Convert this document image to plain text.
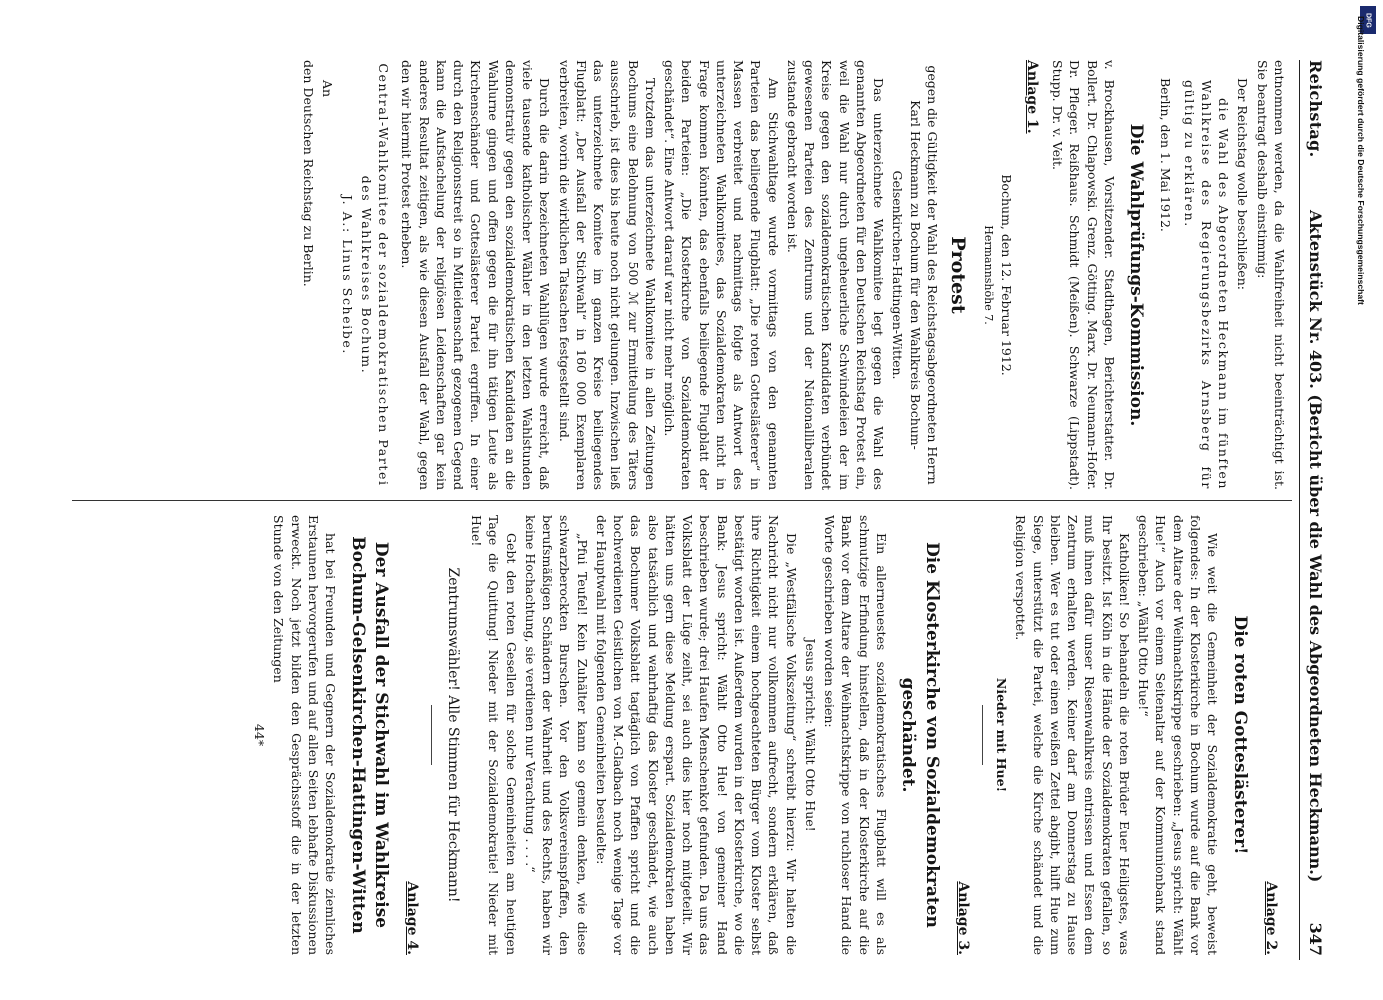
Reichstag.
Aktenstück Nr. 403. (Bericht über die Wahl des Abgeordneten Heckmann.)
347

entnommen werden, da die Wahlfreiheit nicht beeinträchtigt ist. Sie beantragt deshalb einstimmig:

Der Reichstag wolle beschließen:

die Wahl des Abgeordneten Heckmann im fünften Wahlkreise des Regierungsbezirks Arnsberg für gültig zu erklären.

Berlin, den 1. Mai 1912.

Die Wahlprüfungs-Kommission.

v. Brockhausen, Vorsitzender. Stadthagen, Berichterstatter. Dr. Bollert. Dr. Chlapowski. Grenz. Götting. Marx. Dr. Neumann-Hofer. Dr. Pfleger. Reißhaus. Schmidt (Meißen). Schwarze (Lippstadt). Stupp. Dr. v. Veit.

Anlage 1.

Bochum, den 12. Februar 1912.

Hermannshöhe 7.

Protest

gegen die Gültigkeit der Wahl des Reichstagsabgeordneten Herrn Karl Heckmann zu Bochum für den Wahlkreis Bochum-Gelsenkirchen-Hattingen-Witten.

Das unterzeichnete Wahlkomitee legt gegen die Wahl des genannten Abgeordneten für den Deutschen Reichstag Protest ein, weil die Wahl nur durch ungeheuerliche Schwindeleien der im Kreise gegen den sozialdemokratischen Kandidaten verbündet gewesenen Parteien des Zentrums und der Nationalliberalen zustande gebracht worden ist.

Am Stichwahltage wurde vormittags von den genannten Parteien das beiliegende Flugblatt: „Die roten Gotteslästerer“ in Massen verbreitet und nachmittags folgte als Antwort des unterzeichneten Wahlkomitees, das Sozialdemokraten nicht in Frage kommen könnten, das ebenfalls beiliegende Flugblatt der beiden Parteien: „Die Klosterkirche von Sozialdemokraten geschändet“. Eine Antwort darauf war nicht mehr möglich.

Trotzdem das unterzeichnete Wahlkomitee in allen Zeitungen Bochums eine Belohnung von 500 ℳ zur Ermittelung des Täters ausschrieb, ist dies bis heute noch nicht gelungen. Inzwischen ließ das unterzeichnete Komitee im ganzen Kreise beiliegendes Flugblatt: „Der Ausfall der Stichwahl“ in 160 000 Exemplaren verbreiten, worin die wirklichen Tatsachen festgestellt sind.

Durch die darin bezeichneten Wahllügen wurde erreicht, daß viele tausende katholischer Wähler in den letzten Wahlstunden demonstrativ gegen den sozialdemokratischen Kandidaten an die Wahlurne gingen und offen gegen die für ihn tätigen Leute als Kirchenschänder und Gotteslästerer Partei ergriffen. In einer durch den Religionsstreit so in Mitleidenschaft gezogenen Gegend kann die Aufstachelung der religiösen Leidenschaften gar kein anderes Resultat zeitigen, als wie diesen Ausfall der Wahl, gegen den wir hiermit Protest erheben.

Central-Wahlkomitee der sozialdemokratischen Partei des Wahlkreises Bochum.

J. A.: Linus Scheibe.

An

den Deutschen Reichstag zu Berlin.

Anlage 2.
Die roten Gotteslästerer!

Wie weit die Gemeinheit der Sozialdemokratie geht, beweist folgendes: In der Klosterkirche in Bochum wurde auf die Bank vor dem Altare der Weihnachtskrippe geschrieben: „Jesus spricht: Wählt Hue!“ Auch vor einem Seitenaltar auf der Kommunionbank stand geschrieben: „Wählt Otto Hue!“

Katholiken! So behandeln die roten Brüder Euer Heiligstes, was Ihr besitzt. Ist Köln in die Hände der Sozialdemokraten gefallen, so muß ihnen dafür unser Riesenwahlkreis entrissen und Essen dem Zentrum erhalten werden. Keiner darf am Donnerstag zu Hause bleiben. Wer es tut oder einen weißen Zettel abgibt, hilft Hue zum Siege, unterstützt die Partei, welche die Kirche schändet und die Religion verspottet.

Nieder mit Hue!

Anlage 3.
Die Klosterkirche von Sozialdemokraten geschändet.

Ein allerneuestes sozialdemokratisches Flugblatt will es als schmutzige Erfindung hinstellen, daß in der Klosterkirche auf die Bank vor dem Altare der Weihnachtskrippe von ruchloser Hand die Worte geschrieben worden seien:

Jesus spricht: Wählt Otto Hue!

Die „Westfälische Volkszeitung“ schreibt hierzu: Wir halten die Nachricht nicht nur vollkommen aufrecht, sondern erklären, daß ihre Richtigkeit einem hochgeachteten Bürger vom Kloster selbst bestätigt worden ist. Außerdem wurden in der Klosterkirche, wo die Bank: Jesus spricht: Wählt Otto Hue! von gemeiner Hand beschrieben wurde; drei Haufen Menschenkot gefunden. Da uns das Volksblatt der Lüge zeiht, sei auch dies hier noch mitgeteilt. Wir hätten uns gern diese Meldung erspart. Sozialdemokraten haben also tatsächlich und wahrhaftig das Kloster geschändet, wie auch das Bochumer Volksblatt tagtäglich von Pfaffen spricht und die hochverdienten Geistlichen von M.-Gladbach noch wenige Tage vor der Hauptwahl mit folgenden Gemeinheiten besudelte:

„Pfui Teufel! Kein Zuhälter kann so gemein denken, wie diese schwarzberockten Burschen. Vor den Volksvereinspfaffen, den berufsmäßigen Schändern der Wahrheit und des Rechts, haben wir keine Hochachtung, sie verdienen nur Verachtung . . . .“

Gebt den roten Gesellen für solche Gemeinheiten am heutigen Tage die Quittung! Nieder mit der Sozialdemokratie! Nieder mit Hue!

Zentrumswähler! Alle Stimmen für Heckmann!

Anlage 4.
Der Ausfall der Stichwahl im Wahlkreise Bochum-Gelsenkirchen-Hattingen-Witten

hat bei Freunden und Gegnern der Sozialdemokratie ziemliches Erstaunen hervorgerufen und auf allen Seiten lebhafte Diskussionen erweckt. Noch jetzt bilden den Gesprächsstoff die in der letzten Stunde von den Zeitungen

44*

DFG
Digitalisierung gefördert durch die Deutsche Forschungsgemeinschaft
